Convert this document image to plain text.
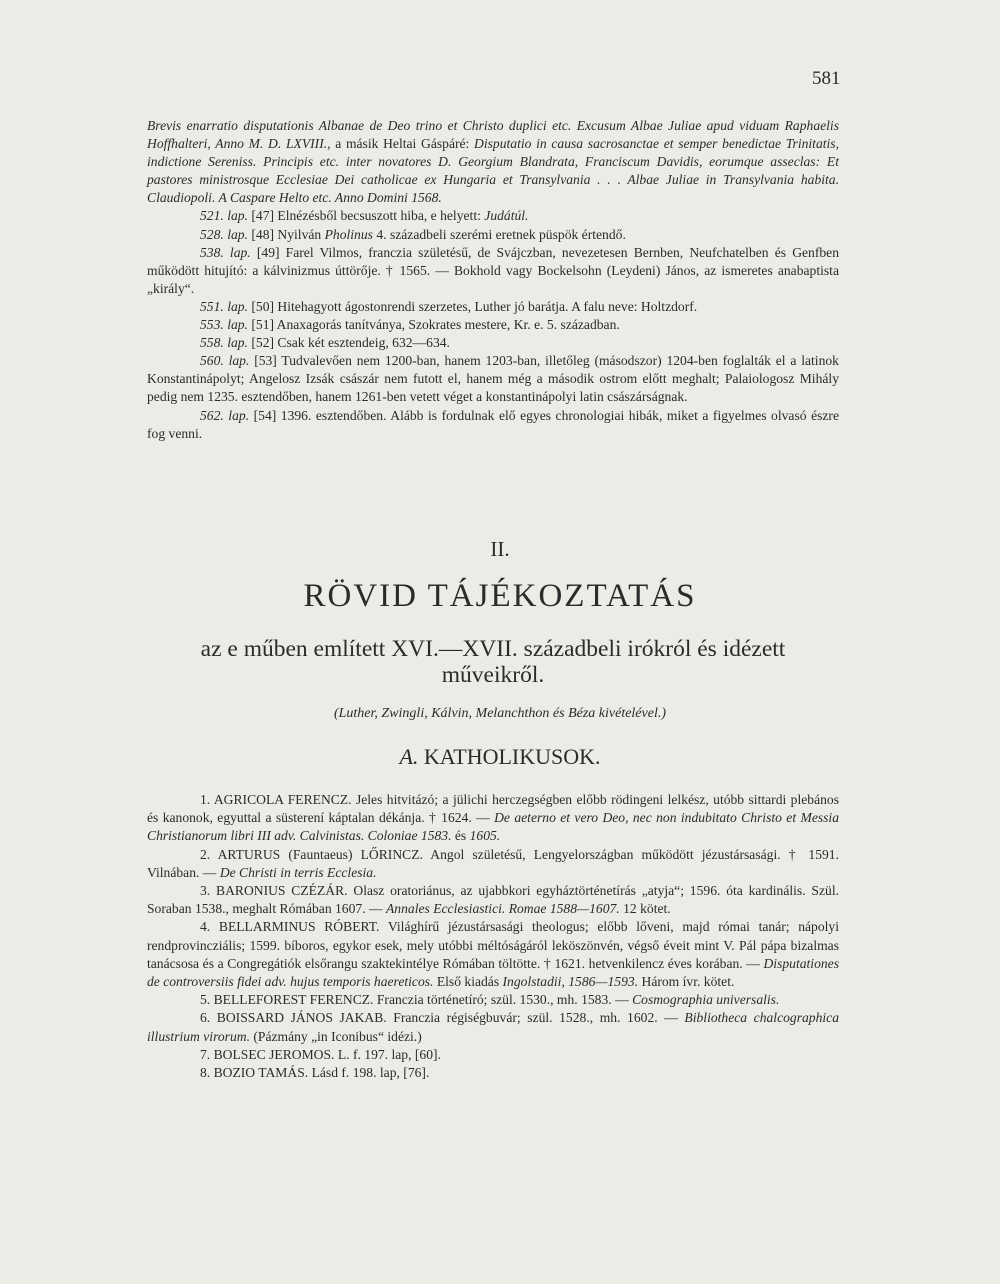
581

Brevis enarratio disputationis Albanae de Deo trino et Christo duplici etc. Excusum Albae Juliae apud viduam Raphaelis Hoffhalteri, Anno M. D. LXVIII., a másik Heltai Gáspáré: Disputatio in causa sacrosanctae et semper benedictae Trinitatis, indictione Sereniss. Principis etc. inter novatores D. Georgium Blandrata, Franciscum Davidis, eorumque asseclas: Et pastores ministrosque Ecclesiae Dei catholicae ex Hungaria et Transylvania . . . Albae Juliae in Transylvania habita. Claudiopoli. A Caspare Helto etc. Anno Domini 1568.

521. lap. [47] Elnézésből becsuszott hiba, e helyett: Judátúl.

528. lap. [48] Nyilván Pholinus 4. századbeli szerémi eretnek püspök értendő.

538. lap. [49] Farel Vilmos, franczia születésű, de Svájczban, nevezetesen Bernben, Neufchatelben és Genfben működött hitujító: a kálvinizmus úttörője. † 1565. — Bokhold vagy Bockelsohn (Leydeni) János, az ismeretes anabaptista „király“.

551. lap. [50] Hitehagyott ágostonrendi szerzetes, Luther jó barátja. A falu neve: Holtzdorf.

553. lap. [51] Anaxagorás tanítványa, Szokrates mestere, Kr. e. 5. században.

558. lap. [52] Csak két esztendeig, 632—634.

560. lap. [53] Tudvalevően nem 1200-ban, hanem 1203-ban, illetőleg (másodszor) 1204-ben foglalták el a latinok Konstantinápolyt; Angelosz Izsák császár nem futott el, hanem még a második ostrom előtt meghalt; Palaiologosz Mihály pedig nem 1235. esztendőben, hanem 1261-ben vetett véget a konstantinápolyi latin császárságnak.

562. lap. [54] 1396. esztendőben. Alább is fordulnak elő egyes chronologiai hibák, miket a figyelmes olvasó észre fog venni.

II.
RÖVID TÁJÉKOZTATÁS
az e műben említett XVI.—XVII. századbeli irókról és idézett műveikről.
(Luther, Zwingli, Kálvin, Melanchthon és Béza kivételével.)
A. KATHOLIKUSOK.

1. AGRICOLA FERENCZ. Jeles hitvitázó; a jülichi herczegségben előbb rödingeni lelkész, utóbb sittardi plebános és kanonok, egyuttal a süsterení káptalan dékánja. † 1624. — De aeterno et vero Deo, nec non indubitato Christo et Messia Christianorum libri III adv. Calvinistas. Coloniae 1583. és 1605.

2. ARTURUS (Fauntaeus) LŐRINCZ. Angol születésű, Lengyelországban működött jézustársasági. † 1591. Vilnában. — De Christi in terris Ecclesia.

3. BARONIUS CZÉZÁR. Olasz oratoriánus, az ujabbkori egyháztörténetírás „atyja“; 1596. óta kardinális. Szül. Soraban 1538., meghalt Rómában 1607. — Annales Ecclesiastici. Romae 1588—1607. 12 kötet.

4. BELLARMINUS RÓBERT. Világhírű jézustársasági theologus; előbb lőveni, majd római tanár; nápolyi rendprovincziális; 1599. bíboros, egykor esek, mely utóbbi méltóságáról leköszönvén, végső éveit mint V. Pál pápa bizalmas tanácsosa és a Congregátiók elsőrangu szaktekintélye Rómában töltötte. † 1621. hetvenkilencz éves korában. — Disputationes de controversiis fidei adv. hujus temporis haereticos. Első kiadás Ingolstadii, 1586—1593. Három ívr. kötet.

5. BELLEFOREST FERENCZ. Franczia történetíró; szül. 1530., mh. 1583. — Cosmographia universalis.

6. BOISSARD JÁNOS JAKAB. Franczia régiségbuvár; szül. 1528., mh. 1602. — Bibliotheca chalcographica illustrium virorum. (Pázmány „in Iconibus“ idézi.)

7. BOLSEC JEROMOS. L. f. 197. lap, [60].

8. BOZIO TAMÁS. Lásd f. 198. lap, [76].
